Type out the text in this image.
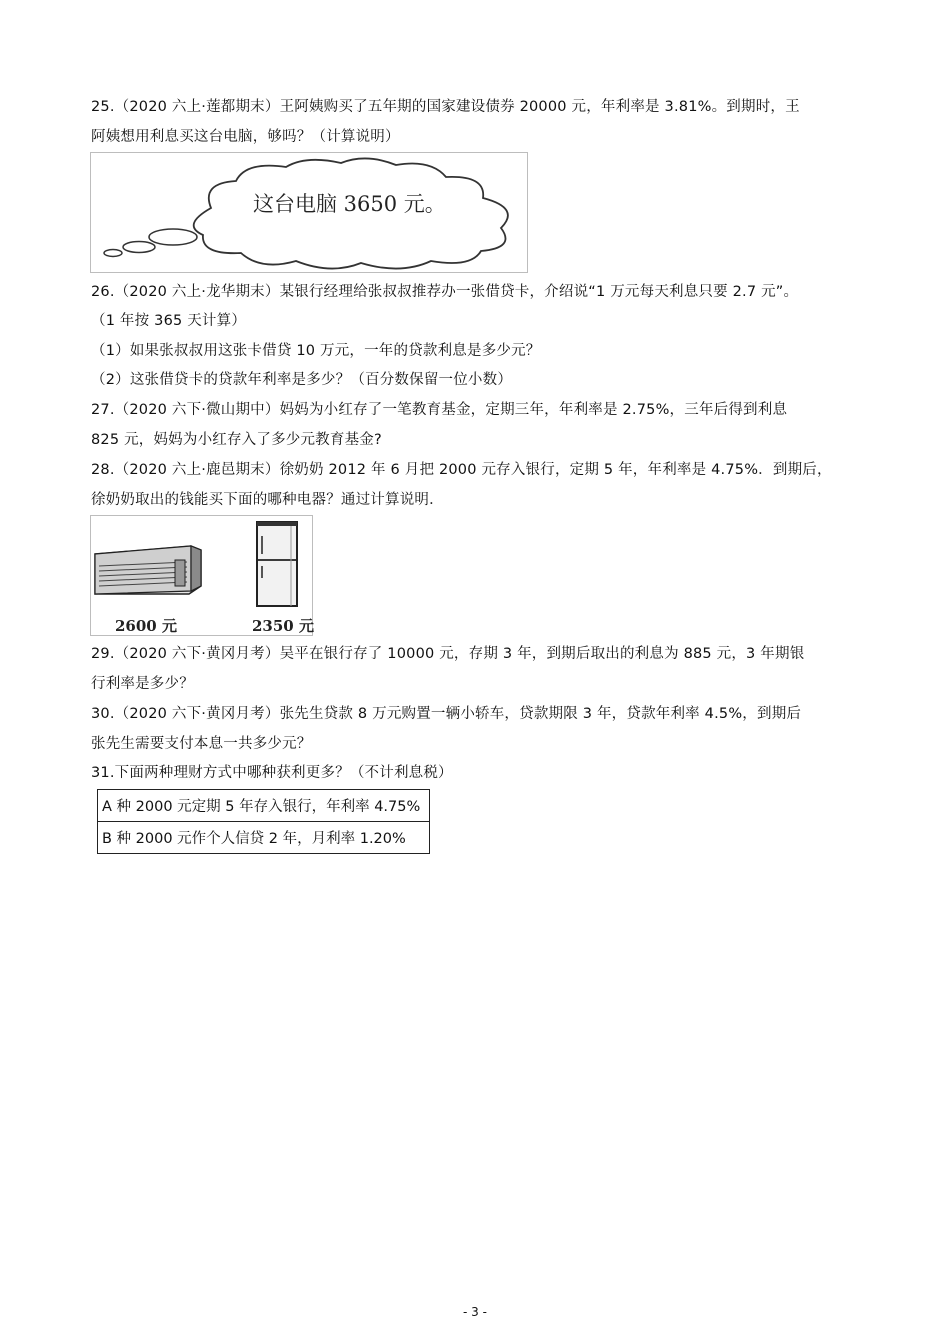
25.（2020 六上·莲都期末）王阿姨购买了五年期的国家建设债券 20000 元，年利率是 3.81%。到期时，王
阿姨想用利息买这台电脑，够吗？（计算说明）
这台电脑 3650 元。
26.（2020 六上·龙华期末）某银行经理给张叔叔推荐办一张借贷卡，介绍说“1 万元每天利息只要 2.7 元”。
（1 年按 365 天计算）
（1）如果张叔叔用这张卡借贷 10 万元，一年的贷款利息是多少元？
（2）这张借贷卡的贷款年利率是多少？（百分数保留一位小数）
27.（2020 六下·微山期中）妈妈为小红存了一笔教育基金，定期三年，年利率是 2.75%，三年后得到利息
825 元，妈妈为小红存入了多少元教育基金?
28.（2020 六上·鹿邑期末）徐奶奶 2012 年 6 月把 2000 元存入银行，定期 5 年，年利率是 4.75%．到期后，
徐奶奶取出的钱能买下面的哪种电器？通过计算说明．
2600 元	2350 元
29.（2020 六下·黄冈月考）吴平在银行存了 10000 元，存期 3 年，到期后取出的利息为 885 元，3 年期银
行利率是多少？
30.（2020 六下·黄冈月考）张先生贷款 8 万元购置一辆小轿车，贷款期限 3 年，贷款年利率 4.5%，到期后
张先生需要支付本息一共多少元？
31.下面两种理财方式中哪种获利更多？（不计利息税）
A 种 2000 元定期 5 年存入银行，年利率 4.75%
B 种 2000 元作个人信贷 2 年，月利率 1.20%
- 3 -
